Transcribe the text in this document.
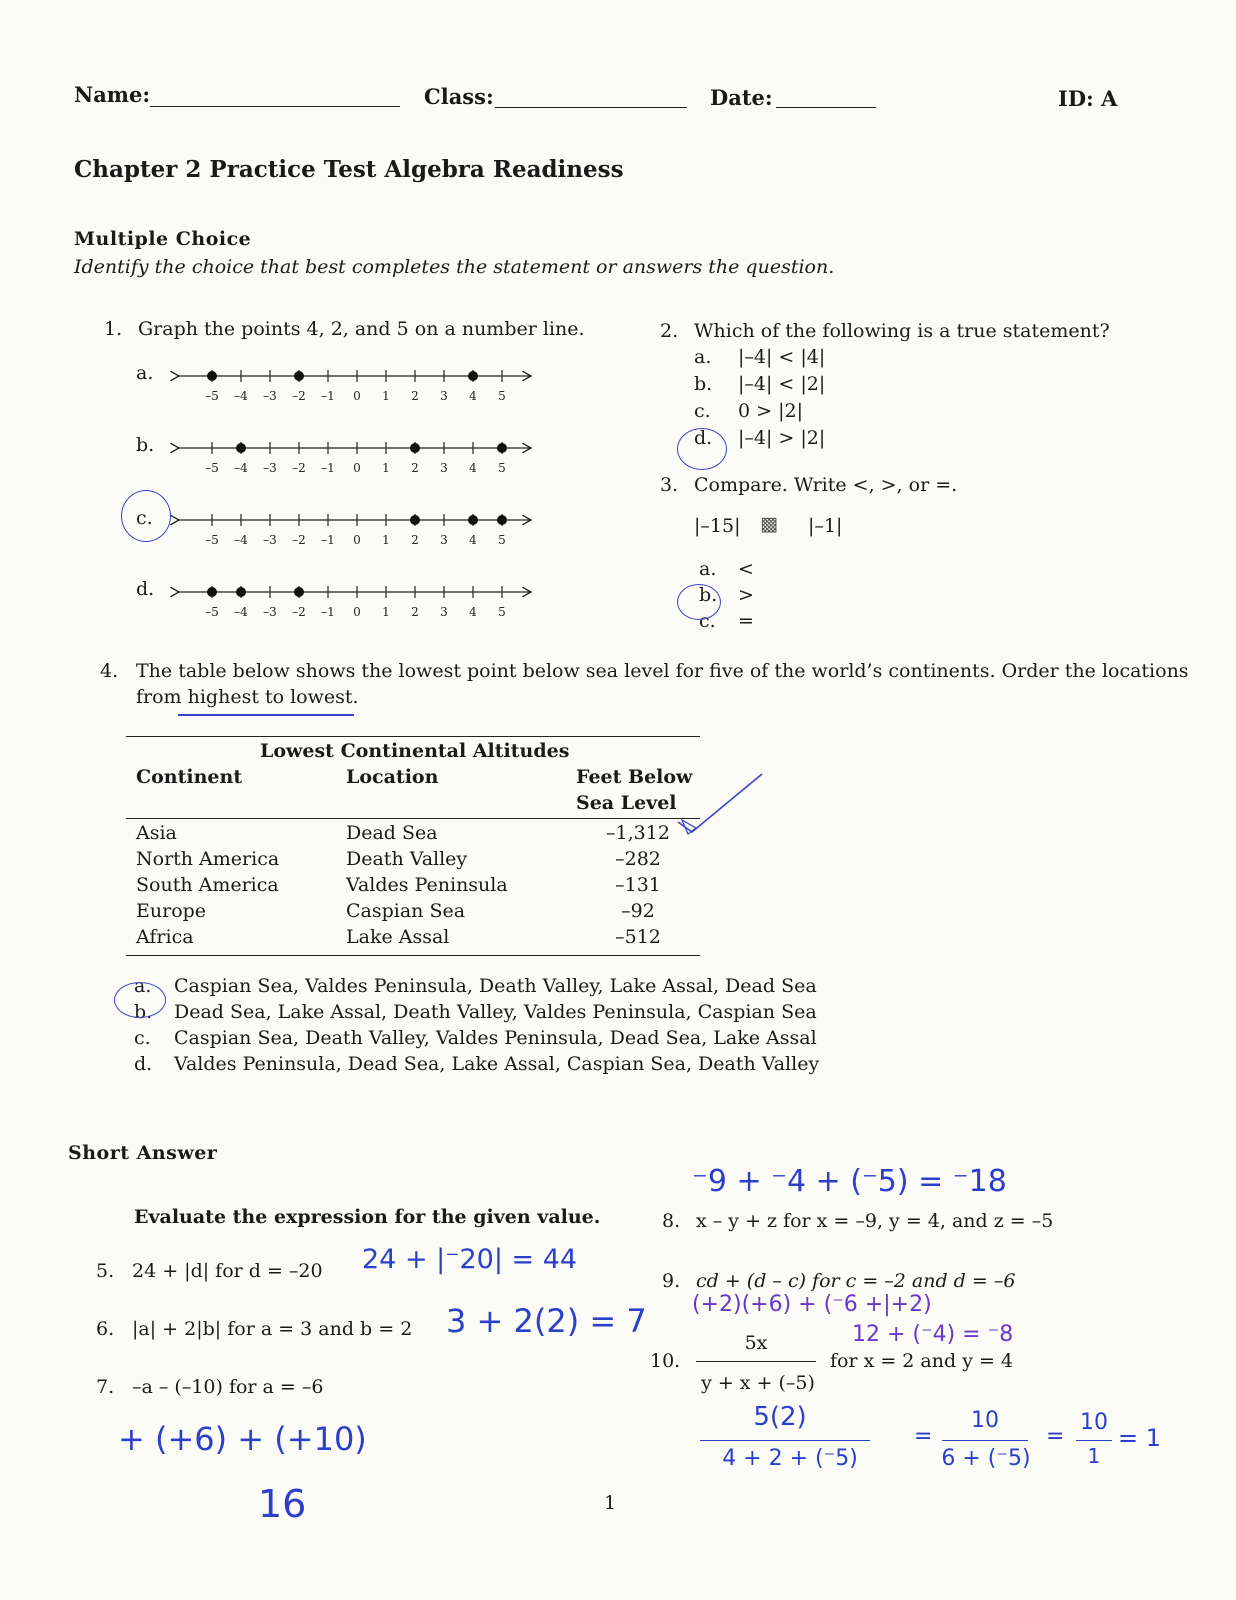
Name:	Class:	Date:	ID: A
Chapter 2 Practice Test Algebra Readiness
Multiple Choice
Identify the choice that best completes the statement or answers the question.
1. Graph the points 4, 2, and 5 on a number line.
a.
b.
c.
d.
–5 –4 –3 –2 –1 0 1 2 3 4 5
–5 –4 –3 –2 –1 0 1 2 3 4 5
–5 –4 –3 –2 –1 0 1 2 3 4 5
–5 –4 –3 –2 –1 0 1 2 3 4 5
2. Which of the following is a true statement?
a. |–4| < |4|
b. |–4| < |2|
c. 0 > |2|
d. |–4| > |2|
3. Compare. Write <, >, or =.
|–15| ▩ |–1|
a. <
b. >
c. =
4. The table below shows the lowest point below sea level for five of the world’s continents. Order the locations
from highest to lowest.
Lowest Continental Altitudes
Continent	Location	Feet Below
Sea Level
Asia	Dead Sea	–1,312
North America	Death Valley	–282
South America	Valdes Peninsula	–131
Europe	Caspian Sea	–92
Africa	Lake Assal	–512
a. Caspian Sea, Valdes Peninsula, Death Valley, Lake Assal, Dead Sea
b. Dead Sea, Lake Assal, Death Valley, Valdes Peninsula, Caspian Sea
c. Caspian Sea, Death Valley, Valdes Peninsula, Dead Sea, Lake Assal
d. Valdes Peninsula, Dead Sea, Lake Assal, Caspian Sea, Death Valley
Short Answer
Evaluate the expression for the given value.
5. 24 + |d| for d = –20
6. |a| + 2|b| for a = 3 and b = 2
7. –a – (–10) for a = –6
8. x – y + z for x = –9, y = 4, and z = –5
9. cd + (d – c) for c = –2 and d = –6
10.
5x
y + x + (–5)
for x = 2 and y = 4
⁻9 + ⁻4 + (⁻5) = ⁻18
24 + |⁻20| = 44
3 + 2(2) = 7 (+2)(+6) + (⁻6 +|+2)
12 + (⁻4) = ⁻8
+ (+6) + (+10)
16
5(2)
4 + 2 + (⁻5)
=
10
6 + (⁻5)
=
10
1
= 1
1
